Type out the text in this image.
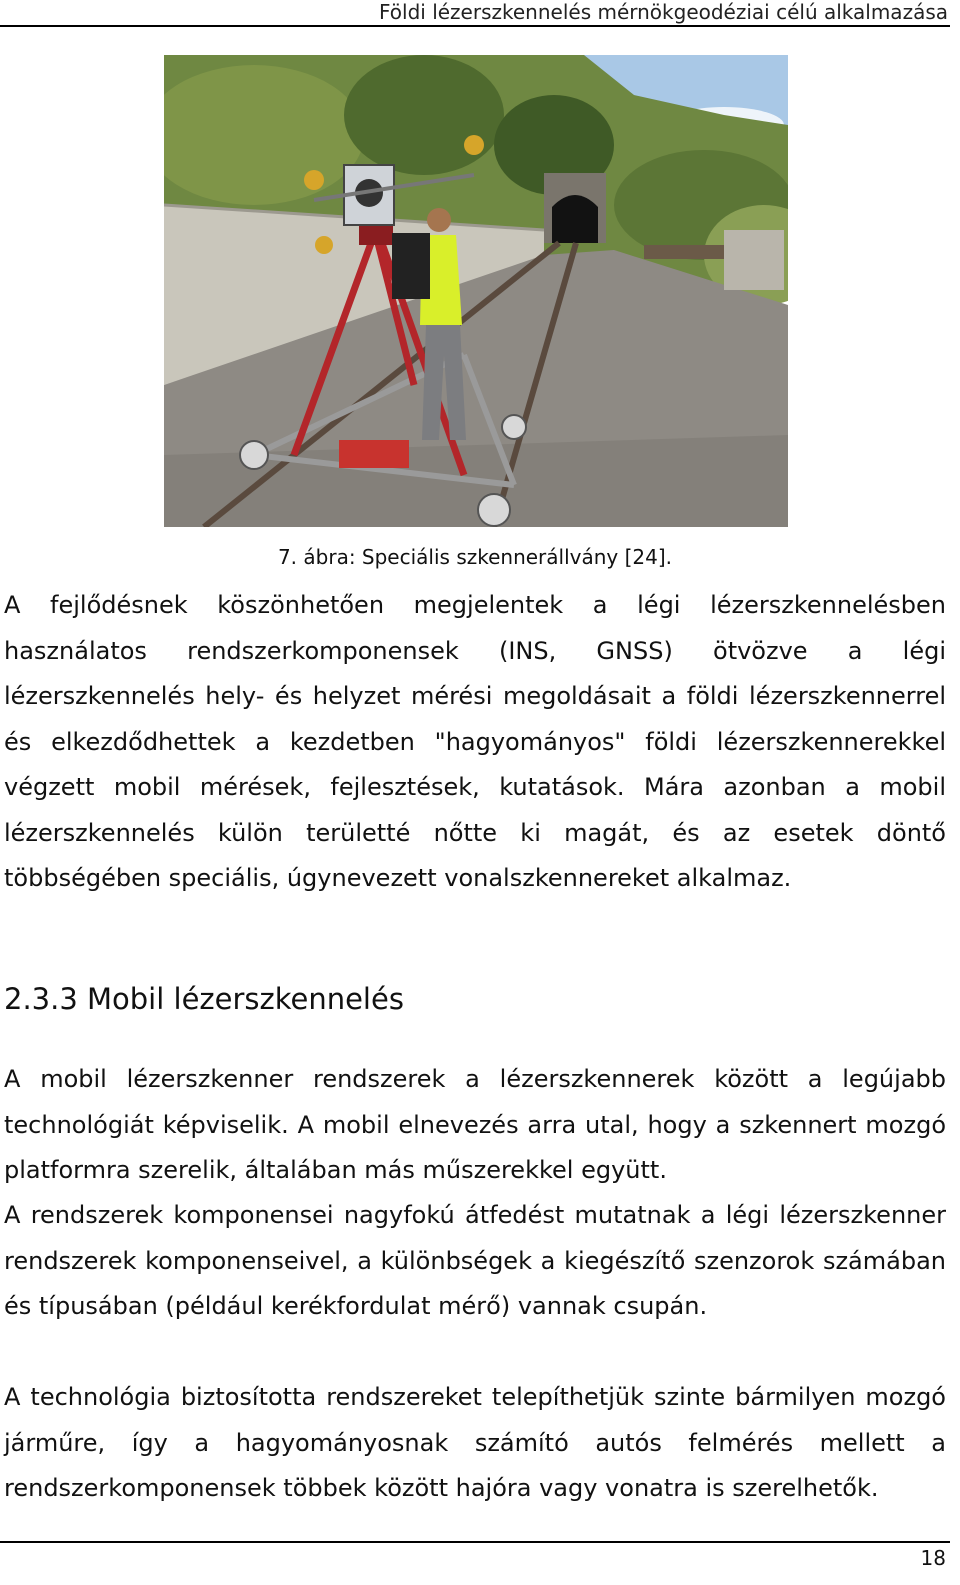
Földi lézerszkennelés mérnökgeodéziai célú alkalmazása
7. ábra: Speciális szkennerállvány [24].

A fejlődésnek köszönhetően megjelentek a légi lézerszkennelésben használatos rendszerkomponensek (INS, GNSS) ötvözve a légi lézerszkennelés hely- és helyzet mérési megoldásait a földi lézerszkennerrel és elkezdődhettek a kezdetben "hagyományos" földi lézerszkennerekkel végzett mobil mérések, fejlesztések, kutatások. Mára azonban a mobil lézerszkennelés külön területté nőtte ki magát, és az esetek döntő többségében speciális, úgynevezett vonalszkennereket alkalmaz.

2.3.3 Mobil lézerszkennelés

A mobil lézerszkenner rendszerek a lézerszkennerek között a legújabb technológiát képviselik. A mobil elnevezés arra utal, hogy a szkennert mozgó platformra szerelik, általában más műszerekkel együtt.

A rendszerek komponensei nagyfokú átfedést mutatnak a légi lézerszkenner rendszerek komponenseivel, a különbségek a kiegészítő szenzorok számában és típusában (például kerékfordulat mérő) vannak csupán.

A technológia biztosította rendszereket telepíthetjük szinte bármilyen mozgó járműre, így a hagyományosnak számító autós felmérés mellett a rendszerkomponensek többek között hajóra vagy vonatra is szerelhetők.

18
